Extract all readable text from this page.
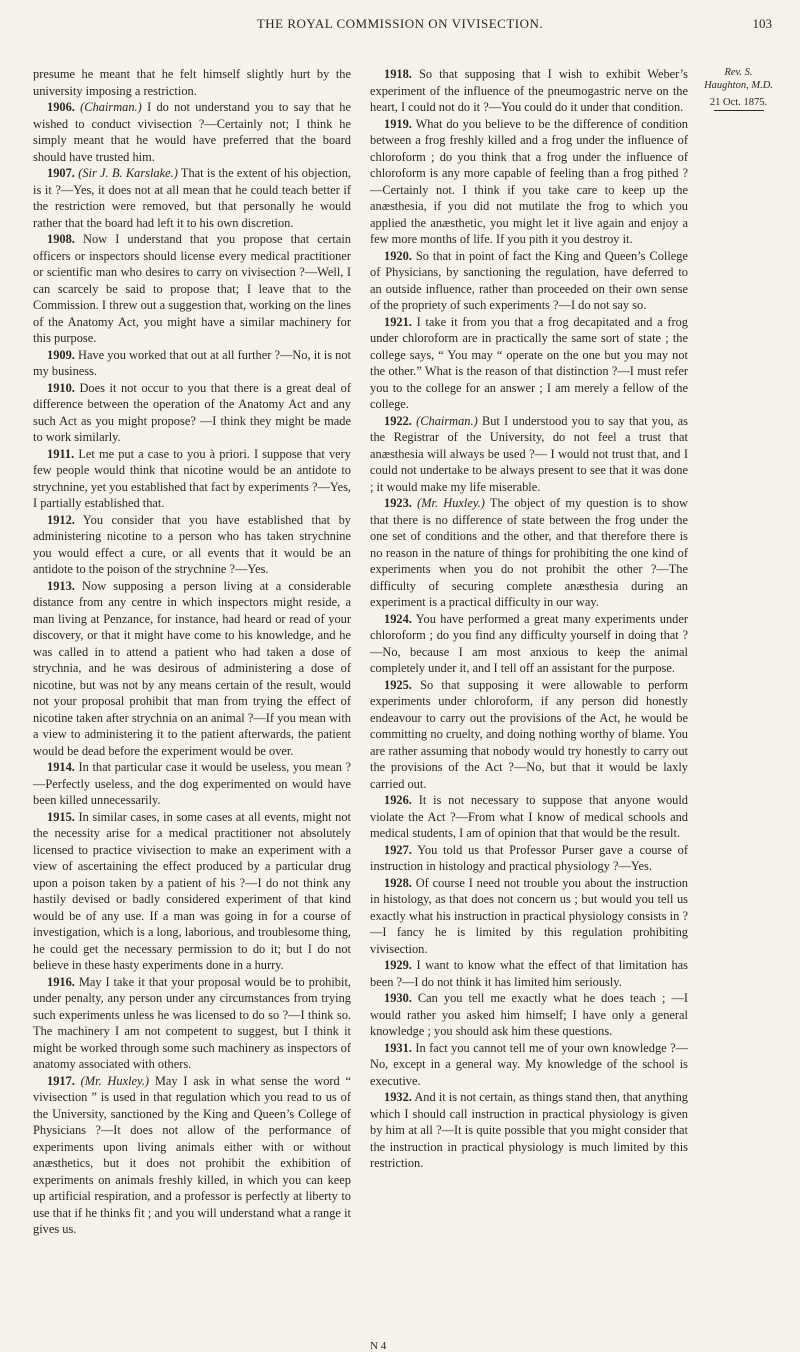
THE ROYAL COMMISSION ON VIVISECTION.	103

presume he meant that he felt himself slightly hurt by the university imposing a restriction.

1906. (Chairman.) I do not understand you to say that he wished to conduct vivisection ?—Certainly not; I think he simply meant that he would have preferred that the board should have trusted him.

1907. (Sir J. B. Karslake.) That is the extent of his objection, is it ?—Yes, it does not at all mean that he could teach better if the restriction were removed, but that personally he would rather that the board had left it to his own discretion.

1908. Now I understand that you propose that certain officers or inspectors should license every medical practitioner or scientific man who desires to carry on vivisection ?—Well, I can scarcely be said to propose that; I leave that to the Commission. I threw out a suggestion that, working on the lines of the Anatomy Act, you might have a similar machinery for this purpose.

1909. Have you worked that out at all further ?—No, it is not my business.

1910. Does it not occur to you that there is a great deal of difference between the operation of the Anatomy Act and any such Act as you might propose? —I think they might be made to work similarly.

1911. Let me put a case to you à priori. I suppose that very few people would think that nicotine would be an antidote to strychnine, yet you established that fact by experiments ?—Yes, I partially established that.

1912. You consider that you have established that by administering nicotine to a person who has taken strychnine you would effect a cure, or all events that it would be an antidote to the poison of the strychnine ?—Yes.

1913. Now supposing a person living at a considerable distance from any centre in which inspectors might reside, a man living at Penzance, for instance, had heard or read of your discovery, or that it might have come to his knowledge, and he was called in to attend a patient who had taken a dose of strychnia, and he was desirous of administering a dose of nicotine, but was not by any means certain of the result, would not your proposal prohibit that man from trying the effect of nicotine taken after strychnia on an animal ?—If you mean with a view to administering it to the patient afterwards, the patient would be dead before the experiment would be over.

1914. In that particular case it would be useless, you mean ?—Perfectly useless, and the dog experimented on would have been killed unnecessarily.

1915. In similar cases, in some cases at all events, might not the necessity arise for a medical practitioner not absolutely licensed to practice vivisection to make an experiment with a view of ascertaining the effect produced by a particular drug upon a poison taken by a patient of his ?—I do not think any hastily devised or badly considered experiment of that kind would be of any use. If a man was going in for a course of investigation, which is a long, laborious, and troublesome thing, he could get the necessary permission to do it; but I do not believe in these hasty experiments done in a hurry.

1916. May I take it that your proposal would be to prohibit, under penalty, any person under any circumstances from trying such experiments unless he was licensed to do so ?—I think so. The machinery I am not competent to suggest, but I think it might be worked through some such machinery as inspectors of anatomy associated with others.

1917. (Mr. Huxley.) May I ask in what sense the word “ vivisection ” is used in that regulation which you read to us of the University, sanctioned by the King and Queen’s College of Physicians ?—It does not allow of the performance of experiments upon living animals either with or without anæsthetics, but it does not prohibit the exhibition of experiments on animals freshly killed, in which you can keep up artificial respiration, and a professor is perfectly at liberty to use that if he thinks fit ; and you will understand what a range it gives us.

1918. So that supposing that I wish to exhibit Weber’s experiment of the influence of the pneumogastric nerve on the heart, I could not do it ?—You could do it under that condition.

1919. What do you believe to be the difference of condition between a frog freshly killed and a frog under the influence of chloroform ; do you think that a frog under the influence of chloroform is any more capable of feeling than a frog pithed ?—Certainly not. I think if you take care to keep up the anæsthesia, if you did not mutilate the frog to which you applied the anæsthetic, you might let it live again and enjoy a few more months of life. If you pith it you destroy it.

1920. So that in point of fact the King and Queen’s College of Physicians, by sanctioning the regulation, have deferred to an outside influence, rather than proceeded on their own sense of the propriety of such experiments ?—I do not say so.

1921. I take it from you that a frog decapitated and a frog under chloroform are in practically the same sort of state ; the college says, “ You may “ operate on the one but you may not the other.” What is the reason of that distinction ?—I must refer you to the college for an answer ; I am merely a fellow of the college.

1922. (Chairman.) But I understood you to say that you, as the Registrar of the University, do not feel a trust that anæsthesia will always be used ?— I would not trust that, and I could not undertake to be always present to see that it was done ; it would make my life miserable.

1923. (Mr. Huxley.) The object of my question is to show that there is no difference of state between the frog under the one set of conditions and the other, and that therefore there is no reason in the nature of things for prohibiting the one kind of experiments when you do not prohibit the other ?—The difficulty of securing complete anæsthesia during an experiment is a practical difficulty in our way.

1924. You have performed a great many experiments under chloroform ; do you find any difficulty yourself in doing that ?—No, because I am most anxious to keep the animal completely under it, and I tell off an assistant for the purpose.

1925. So that supposing it were allowable to perform experiments under chloroform, if any person did honestly endeavour to carry out the provisions of the Act, he would be committing no cruelty, and doing nothing worthy of blame. You are rather assuming that nobody would try honestly to carry out the provisions of the Act ?—No, but that it would be laxly carried out.

1926. It is not necessary to suppose that anyone would violate the Act ?—From what I know of medical schools and medical students, I am of opinion that that would be the result.

1927. You told us that Professor Purser gave a course of instruction in histology and practical physiology ?—Yes.

1928. Of course I need not trouble you about the instruction in histology, as that does not concern us ; but would you tell us exactly what his instruction in practical physiology consists in ?—I fancy he is limited by this regulation prohibiting vivisection.

1929. I want to know what the effect of that limitation has been ?—I do not think it has limited him seriously.

1930. Can you tell me exactly what he does teach ; —I would rather you asked him himself; I have only a general knowledge ; you should ask him these questions.

1931. In fact you cannot tell me of your own knowledge ?—No, except in a general way. My knowledge of the school is executive.

1932. And it is not certain, as things stand then, that anything which I should call instruction in practical physiology is given by him at all ?—It is quite possible that you might consider that the instruction in practical physiology is much limited by this restriction.

Rev. S. Haughton, M.D.
21 Oct. 1875.
N 4
